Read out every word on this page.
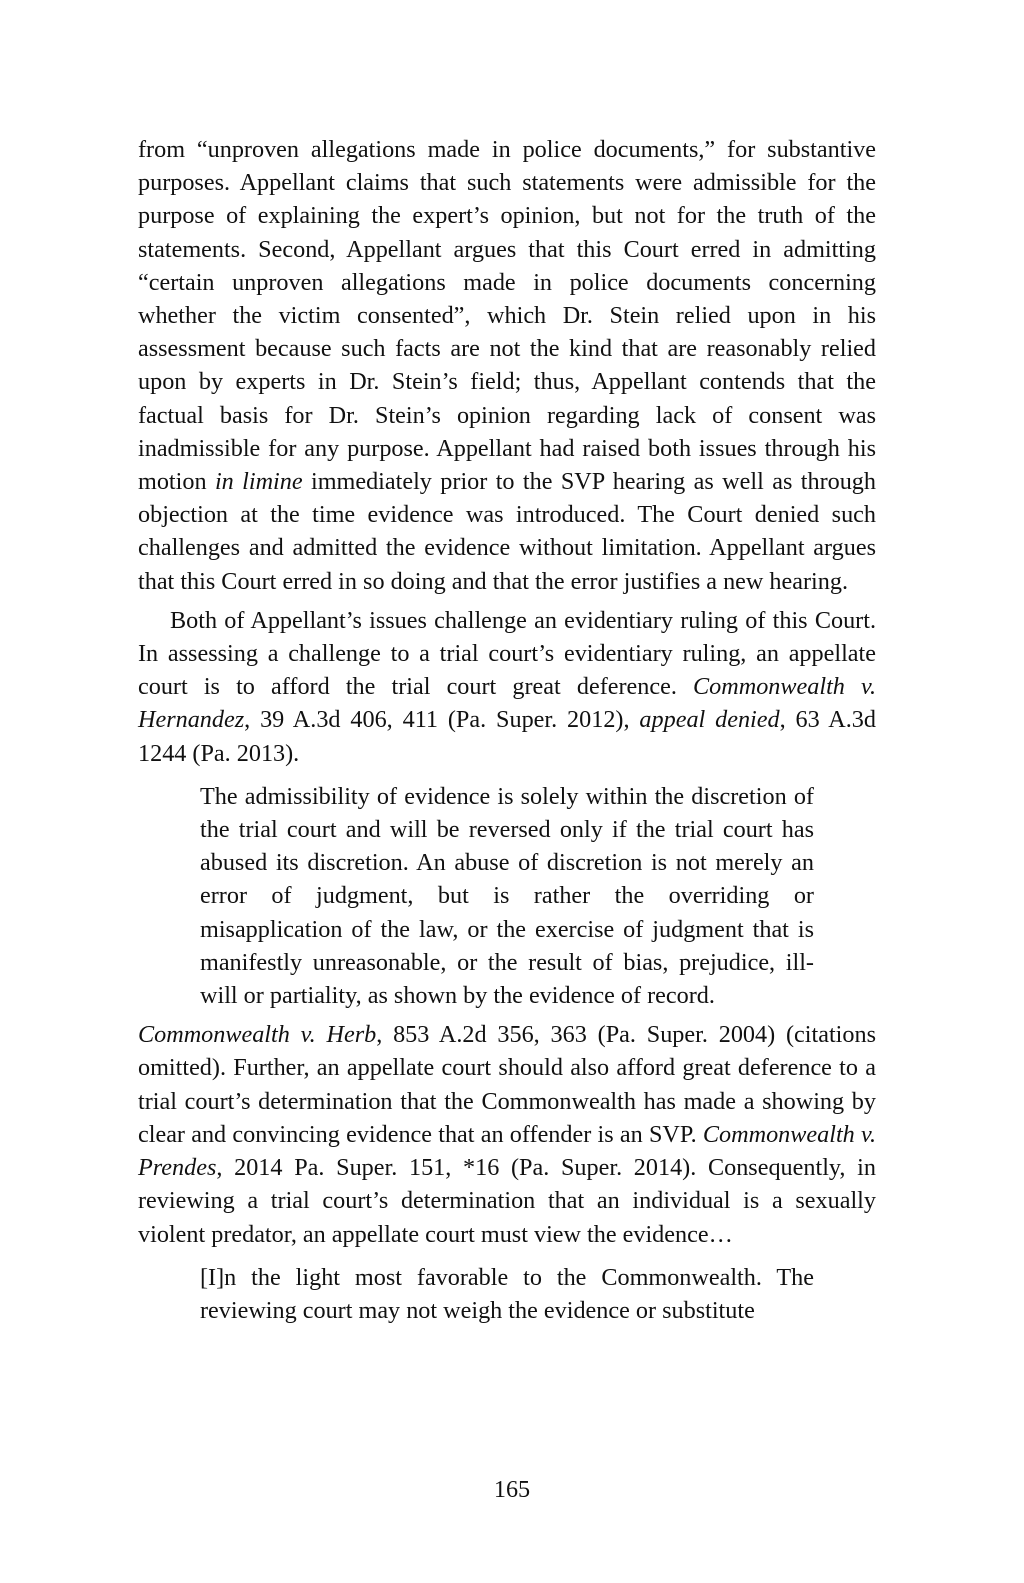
from “unproven allegations made in police documents,” for substantive purposes. Appellant claims that such statements were admissible for the purpose of explaining the expert’s opinion, but not for the truth of the statements. Second, Appellant argues that this Court erred in admitting “certain unproven allegations made in police documents concerning whether the victim consented”, which Dr. Stein relied upon in his assessment because such facts are not the kind that are reasonably relied upon by experts in Dr. Stein’s field; thus, Appellant contends that the factual basis for Dr. Stein’s opinion regarding lack of consent was inadmissible for any purpose. Appellant had raised both issues through his motion in limine immediately prior to the SVP hearing as well as through objection at the time evidence was introduced. The Court denied such challenges and admitted the evidence without limitation. Appellant argues that this Court erred in so doing and that the error justifies a new hearing.

Both of Appellant’s issues challenge an evidentiary ruling of this Court. In assessing a challenge to a trial court’s evidentiary ruling, an appellate court is to afford the trial court great deference. Commonwealth v. Hernandez, 39 A.3d 406, 411 (Pa. Super. 2012), appeal denied, 63 A.3d 1244 (Pa. 2013).

The admissibility of evidence is solely within the discretion of the trial court and will be reversed only if the trial court has abused its discretion. An abuse of discretion is not merely an error of judgment, but is rather the overriding or misapplication of the law, or the exercise of judgment that is manifestly unreasonable, or the result of bias, prejudice, ill-will or partiality, as shown by the evidence of record.

Commonwealth v. Herb, 853 A.2d 356, 363 (Pa. Super. 2004) (citations omitted). Further, an appellate court should also afford great deference to a trial court’s determination that the Commonwealth has made a showing by clear and convincing evidence that an offender is an SVP. Commonwealth v. Prendes, 2014 Pa. Super. 151, *16 (Pa. Super. 2014). Consequently, in reviewing a trial court’s determination that an individual is a sexually violent predator, an appellate court must view the evidence…

[I]n the light most favorable to the Commonwealth. The reviewing court may not weigh the evidence or substitute

165
